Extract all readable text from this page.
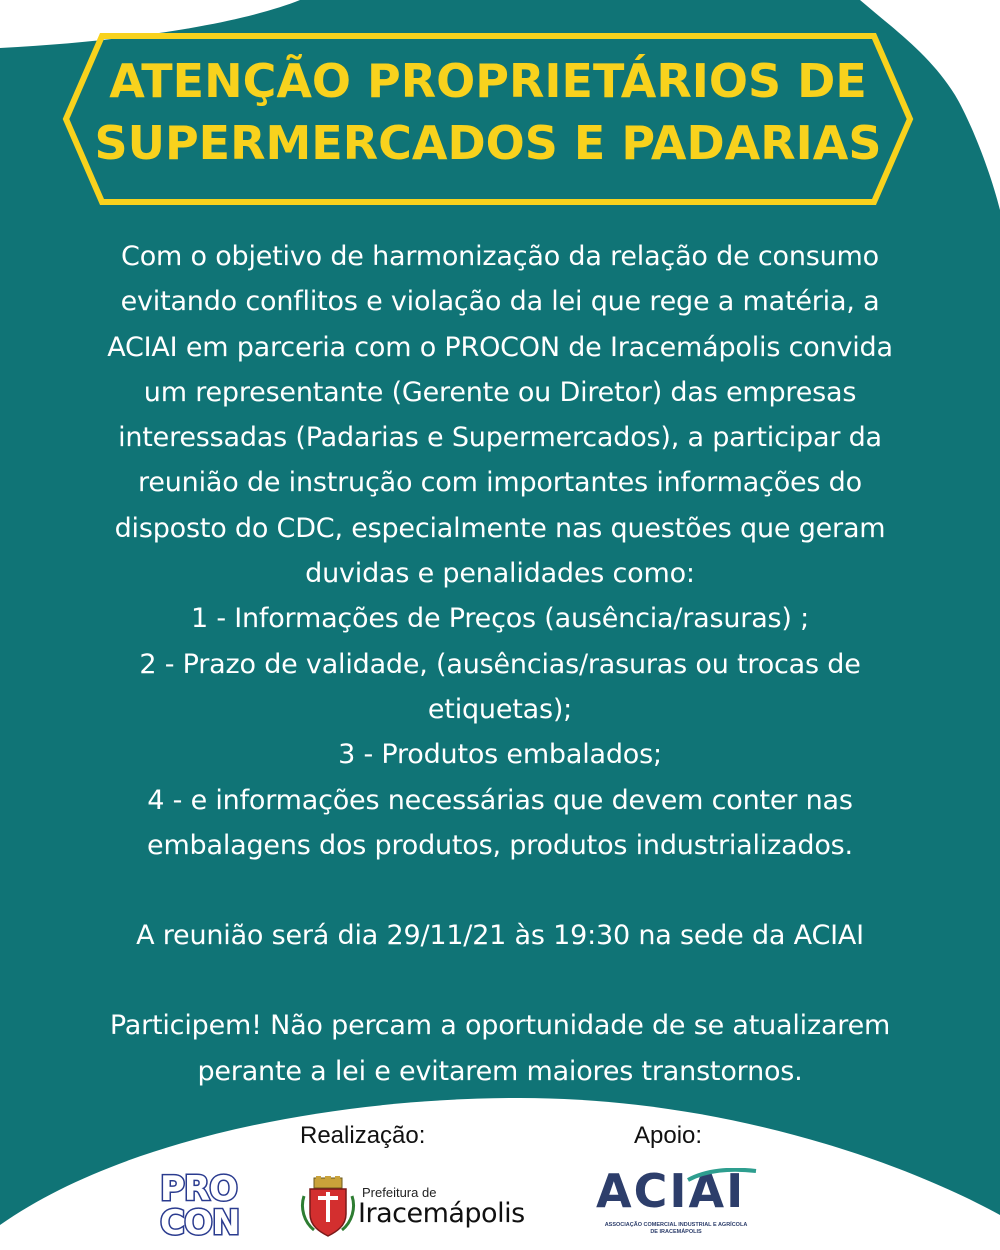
ATENÇÃO PROPRIETÁRIOS DE
SUPERMERCADOS E PADARIAS

Com o objetivo de harmonização da relação de consumo

evitando conflitos e violação da lei que rege a matéria, a

ACIAI em parceria com o PROCON de Iracemápolis convida

um representante (Gerente ou Diretor) das empresas

interessadas (Padarias e Supermercados), a participar da

reunião de instrução com importantes informações do

disposto do CDC, especialmente nas questões que geram

duvidas e penalidades como:

1 - Informações de Preços (ausência/rasuras) ;

2 - Prazo de validade, (ausências/rasuras ou trocas de

etiquetas);

3 - Produtos embalados;

4 - e informações necessárias que devem conter nas

embalagens dos produtos, produtos industrializados.

A reunião será dia 29/11/21 às 19:30 na sede da ACIAI

Participem! Não percam a oportunidade de se atualizarem

perante a lei e evitarem maiores transtornos.

Realização:	Apoio:
PRO
CON
Prefeitura de
Iracemápolis ACIAI
ASSOCIAÇÃO COMERCIAL INDUSTRIAL E AGRÍCOLA
DE IRACEMÁPOLIS
